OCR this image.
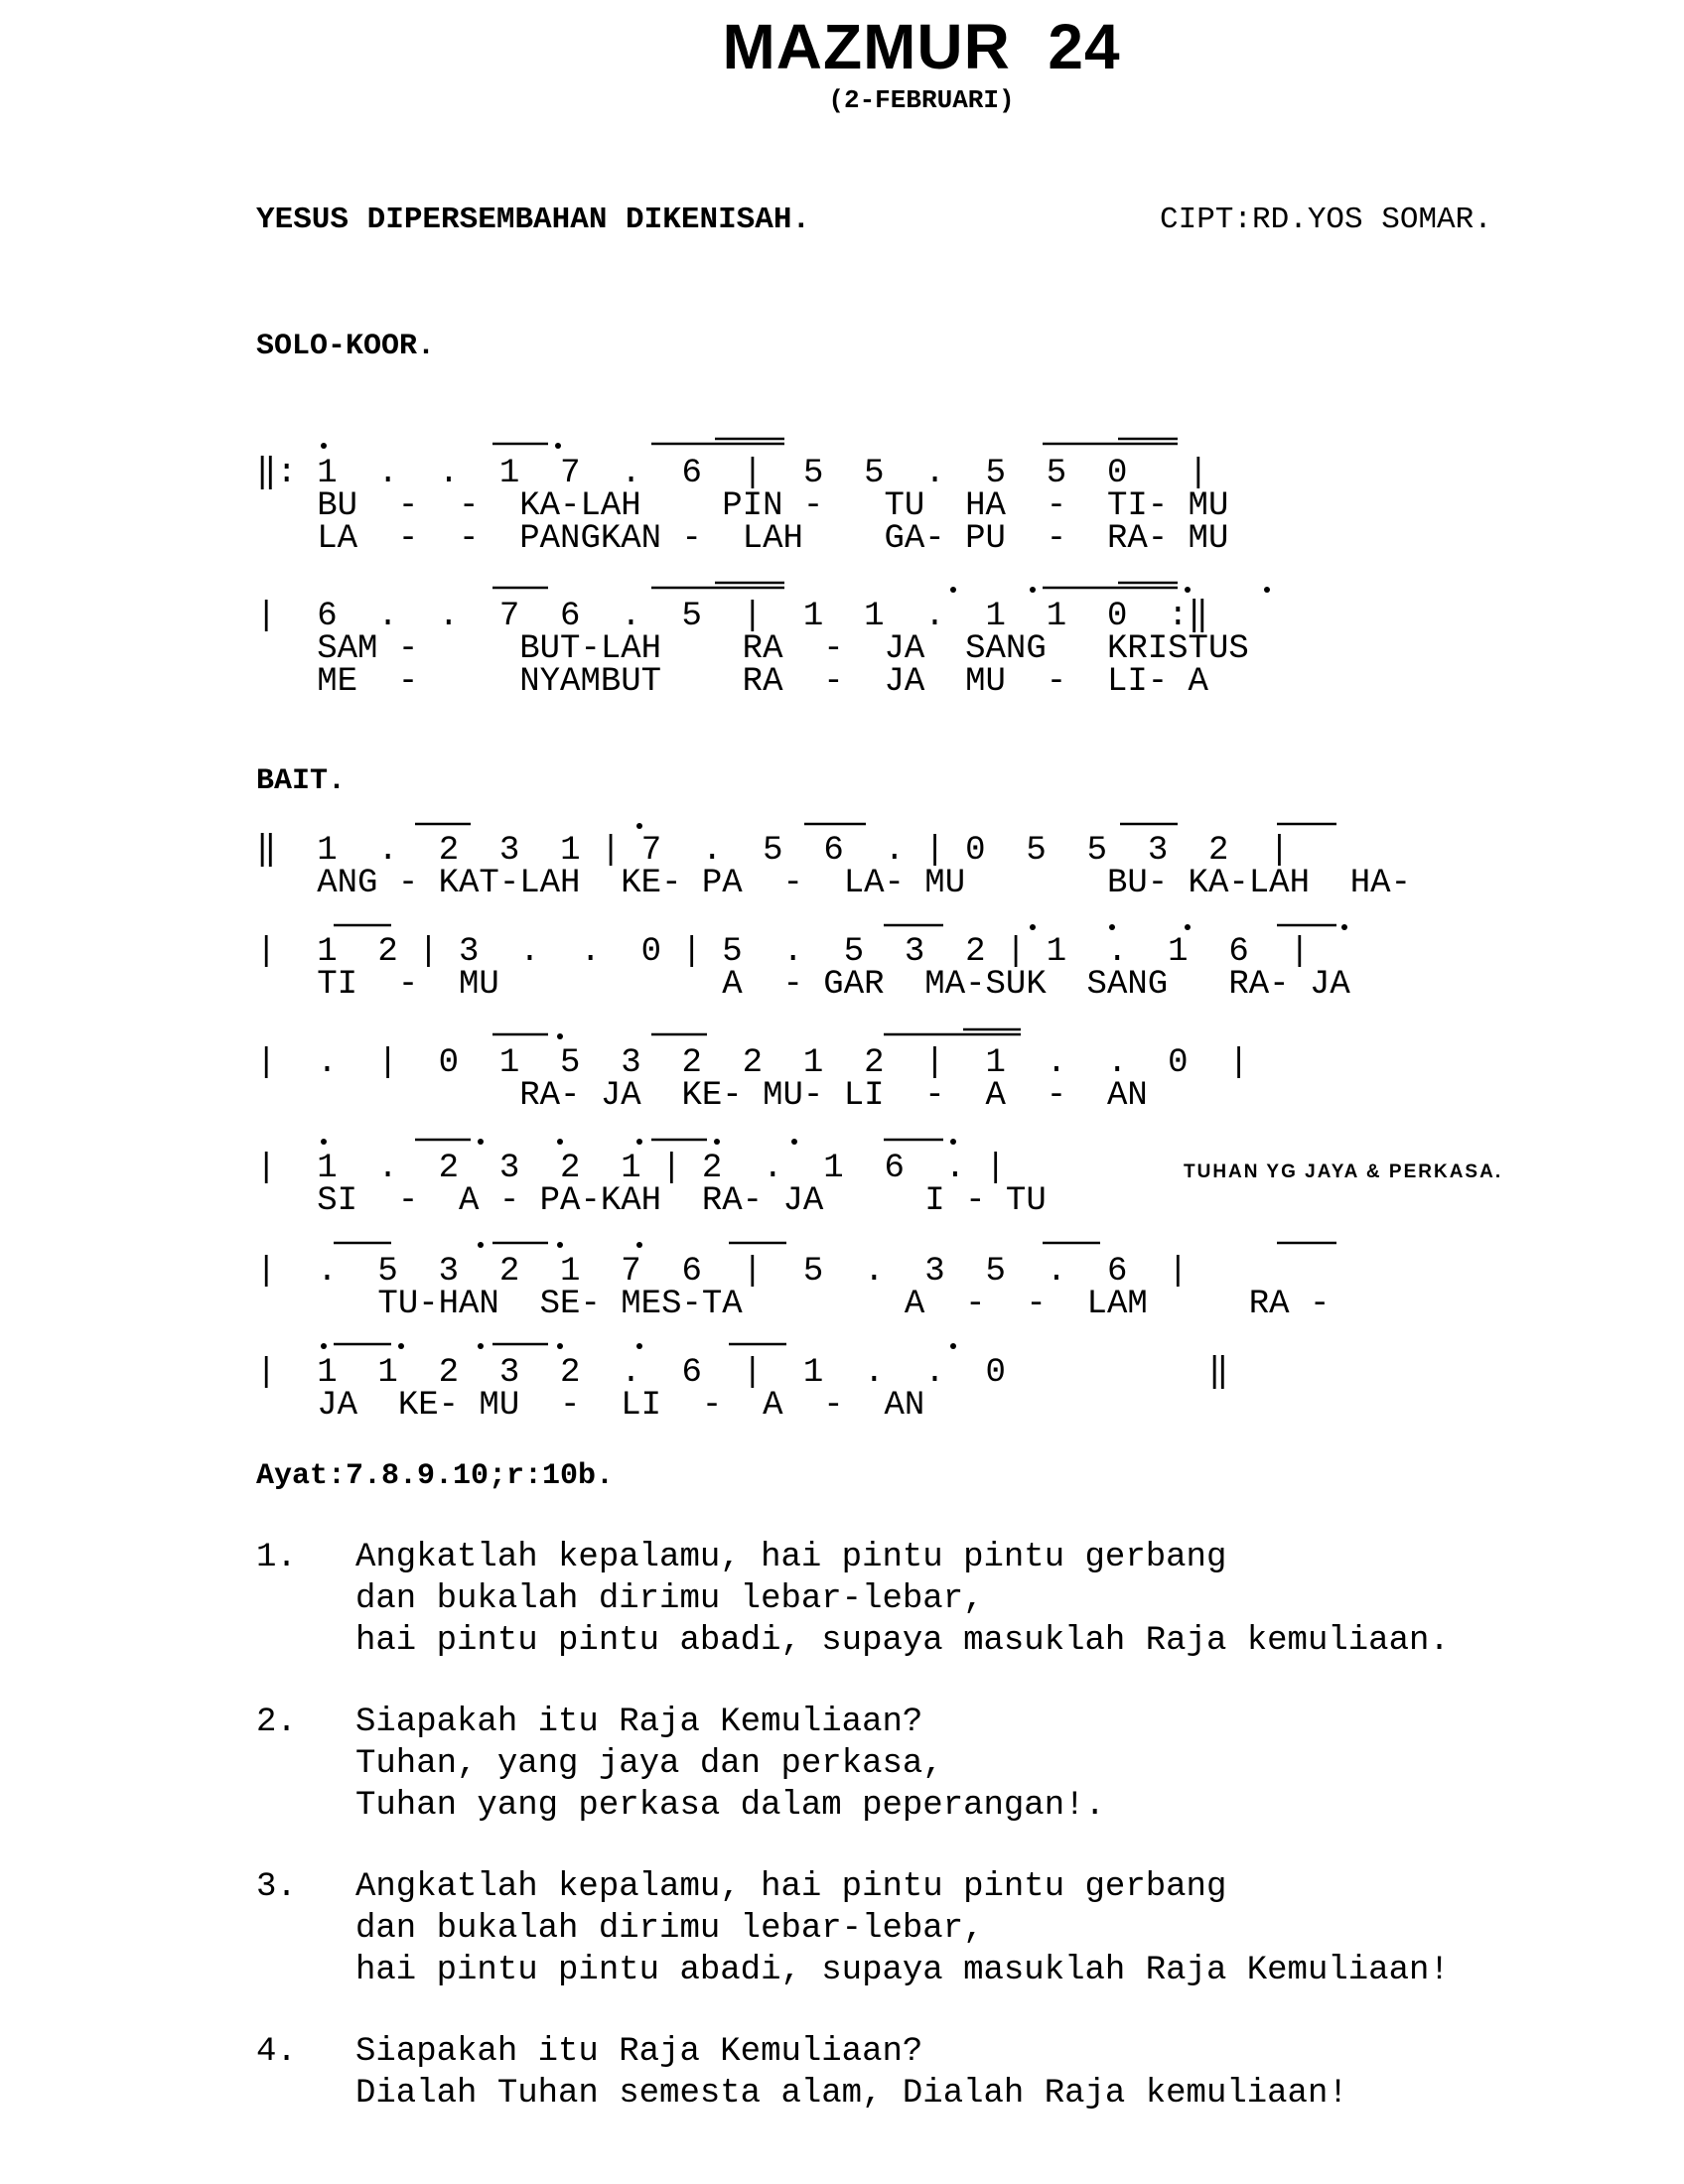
MAZMUR  24
(2-FEBRUARI)
YESUS DIPERSEMBAHAN DIKENISAH.	CIPT:RD.YOS SOMAR.
SOLO-KOOR.
‖: 1  .  .  1  7  .  6  |  5  5  .  5  5  0   |
BU  -  -  KA-LAH    PIN -   TU  HA  -  TI- MU
LA  -  -  PANGKAN -  LAH    GA- PU  -  RA- MU
|  6  .  .  7  6  .  5  |  1  1  .  1  1  0  :‖
SAM -     BUT-LAH    RA  -  JA  SANG   KRISTUS
ME  -     NYAMBUT    RA  -  JA  MU  -  LI- A
BAIT.
‖  1  .  2  3  1 | 7  .  5  6  . | 0  5  5  3  2  |
ANG - KAT-LAH  KE- PA  -  LA- MU       BU- KA-LAH  HA-
|  1  2 | 3  .  .  0 | 5  .  5  3  2 | 1  .  1  6  |
TI  -  MU           A  - GAR  MA-SUK  SANG   RA- JA
|  .  |  0  1  5  3  2  2  1  2  |  1  .  .  0  |
RA- JA  KE- MU- LI  -  A  -  AN
|  1  .  2  3  2  1 | 2  .  1  6  . |	TUHAN YG JAYA & PERKASA.
SI  -  A - PA-KAH  RA- JA     I - TU
|  .  5  3  2  1  7  6  |  5  .  3  5  .  6  |
TU-HAN  SE- MES-TA        A  -  -  LAM     RA -
|  1  1  2  3  2  .  6  |  1  .  .  0          ‖
JA  KE- MU  -  LI  -  A  -  AN
Ayat:7.8.9.10;r:10b.
1. Angkatlah kepalamu, hai pintu pintu gerbang
dan bukalah dirimu lebar-lebar,
hai pintu pintu abadi, supaya masuklah Raja kemuliaan.
2. Siapakah itu Raja Kemuliaan?
Tuhan, yang jaya dan perkasa,
Tuhan yang perkasa dalam peperangan!.
3. Angkatlah kepalamu, hai pintu pintu gerbang
dan bukalah dirimu lebar-lebar,
hai pintu pintu abadi, supaya masuklah Raja Kemuliaan!
4. Siapakah itu Raja Kemuliaan?
Dialah Tuhan semesta alam, Dialah Raja kemuliaan!
